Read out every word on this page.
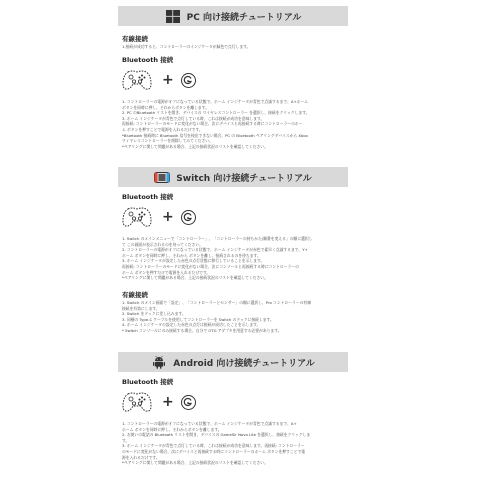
PC 向け接続チュートリアル
有線接続
1.接続が成功すると、コントローラーのインジケータが緑色で点灯します。
Bluetooth 接続
+
1. コントローラーの電源がオフになっている状態で、ホーム インジケータが青色で点滅するまで、A+ホーム
ボタンを同時に押し、それからボタンを離します。
2. PC のBluetooth リストを開き、デバイスの ワイヤレスコントローラー を選択し、接続をクリックします。
3. ホーム インジケータが青色で点灯している時、これは接続が成功を意味します。
再接続: コントローラーのモードに変化がない場合、次にデバイスと再接続する時にコントローラーのホー
ム ボタンを押すことで電源を入れるだけです。
*Bluetooth 接続時に Bluetooth 信号を検出できない場合、PC の Bluetooth ペアリングデバイスから Xbox
ワイヤレスコントローラーを削除してみてください。
*ペアリングに関して問題がある場合、上記の接続状況のリストを確認してください。
Switch 向け接続チュートリアル
Bluetooth 接続
+
1. Switch のメインメニューで「コントローラー」、「コントローラーの持ちかた/順番を変える」の順に選択し
て この画面が表示されるのを待ってください。
2. コントローラーの電源がオフになっている状態で、ホーム インジケータが赤色で素早く点滅するまで、Y+
ホーム ボタンを同時に押し、それから ボタンを離し、接続されるのを待ちます。
3. ホーム インジケータが設定した赤色の点灯状態に移行していることを示します。
再接続: コントローラーのモードに変化がない場合、次にコンソールと再接続する時にコントローラーの
ホーム ボタンを押すだけで電源を入れるだけです。
*ペアリングに関して問題がある場合、上記の接続状況のリストを確認してください。
有線接続
1. Switch のメイン画面で「設定」、「コントローラーとセンサー」の順に選択し、Pro コントローラーの有線
接続を有効にします。
2. Switch をドックに差し込みます。
3. 同梱の Type-C ケーブルを使用してコントローラーを Switch のドックに接続します。
4. ホーム インジケータの設定した赤色の点灯は接続が成功したことを示します。
* Switch コンソールにのみ接続する場合、自分で OTG アダプタを用意する必要があります。
Android 向け接続チュートリアル
Bluetooth 接続
+
1. コントローラーの電源がオフになっている状態で、ホーム インジケータが青色で点滅するまで、A+
ホーム ボタンを同時に押し、それからボタンを離します。
2. お使いの電話の Bluetooth リストを開き、デバイスの GameSir Nova Lite を選択し、接続をクリックしま
す。
3. ホーム インジケータが青色で点灯している時、これは接続が成功を意味します。再接続: コントローラー
のモードに変化がない場合、次にデバイスと再接続する時にコントローラーのホーム ボタンを押すことで電
源を入れるだけです。
*ペアリングに関して問題がある場合、上記の接続状況のリストを確認してください。
